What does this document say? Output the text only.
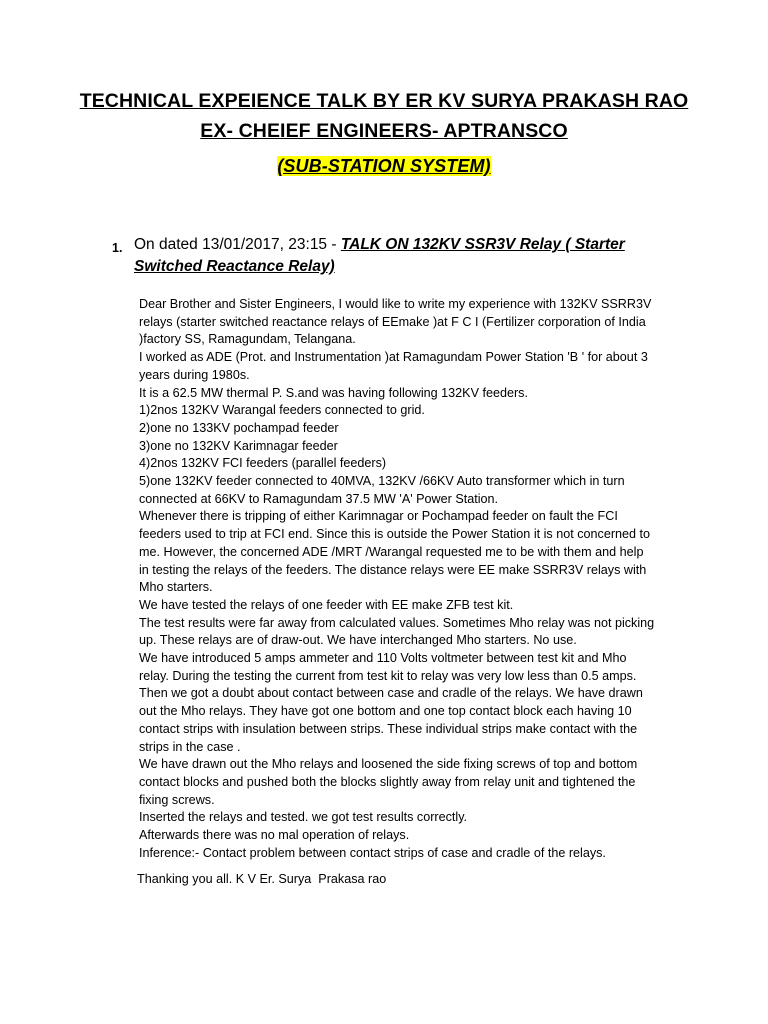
TECHNICAL EXPEIENCE TALK BY ER KV SURYA PRAKASH RAO
EX- CHEIEF ENGINEERS- APTRANSCO
(SUB-STATION SYSTEM)
1. On dated 13/01/2017, 23:15 - TALK ON 132KV SSR3V Relay ( Starter Switched Reactance Relay)
Dear Brother and Sister Engineers, I would like to write my experience with 132KV SSRR3V
relays (starter switched reactance relays of EEmake )at F C I (Fertilizer corporation of India
)factory SS, Ramagundam, Telangana.
I worked as ADE (Prot. and Instrumentation )at Ramagundam Power Station 'B ' for about 3
years during 1980s.
It is a 62.5 MW thermal P. S.and was having following 132KV feeders.
1)2nos 132KV Warangal feeders connected to grid.
2)one no 133KV pochampad feeder
3)one no 132KV Karimnagar feeder
4)2nos 132KV FCI feeders (parallel feeders)
5)one 132KV feeder connected to 40MVA, 132KV /66KV Auto transformer which in turn
connected at 66KV to Ramagundam 37.5 MW 'A' Power Station.
Whenever there is tripping of either Karimnagar or Pochampad feeder on fault the FCI
feeders used to trip at FCI end. Since this is outside the Power Station it is not concerned to
me. However, the concerned ADE /MRT /Warangal requested me to be with them and help
in testing the relays of the feeders. The distance relays were EE make SSRR3V relays with
Mho starters.
We have tested the relays of one feeder with EE make ZFB test kit.
The test results were far away from calculated values. Sometimes Mho relay was not picking
up. These relays are of draw-out. We have interchanged Mho starters. No use.
We have introduced 5 amps ammeter and 110 Volts voltmeter between test kit and Mho
relay. During the testing the current from test kit to relay was very low less than 0.5 amps.
Then we got a doubt about contact between case and cradle of the relays. We have drawn
out the Mho relays. They have got one bottom and one top contact block each having 10
contact strips with insulation between strips. These individual strips make contact with the
strips in the case .
We have drawn out the Mho relays and loosened the side fixing screws of top and bottom
contact blocks and pushed both the blocks slightly away from relay unit and tightened the
fixing screws.
Inserted the relays and tested. we got test results correctly.
Afterwards there was no mal operation of relays.
Inference:- Contact problem between contact strips of case and cradle of the relays.
Thanking you all. K V Er. Surya  Prakasa rao
